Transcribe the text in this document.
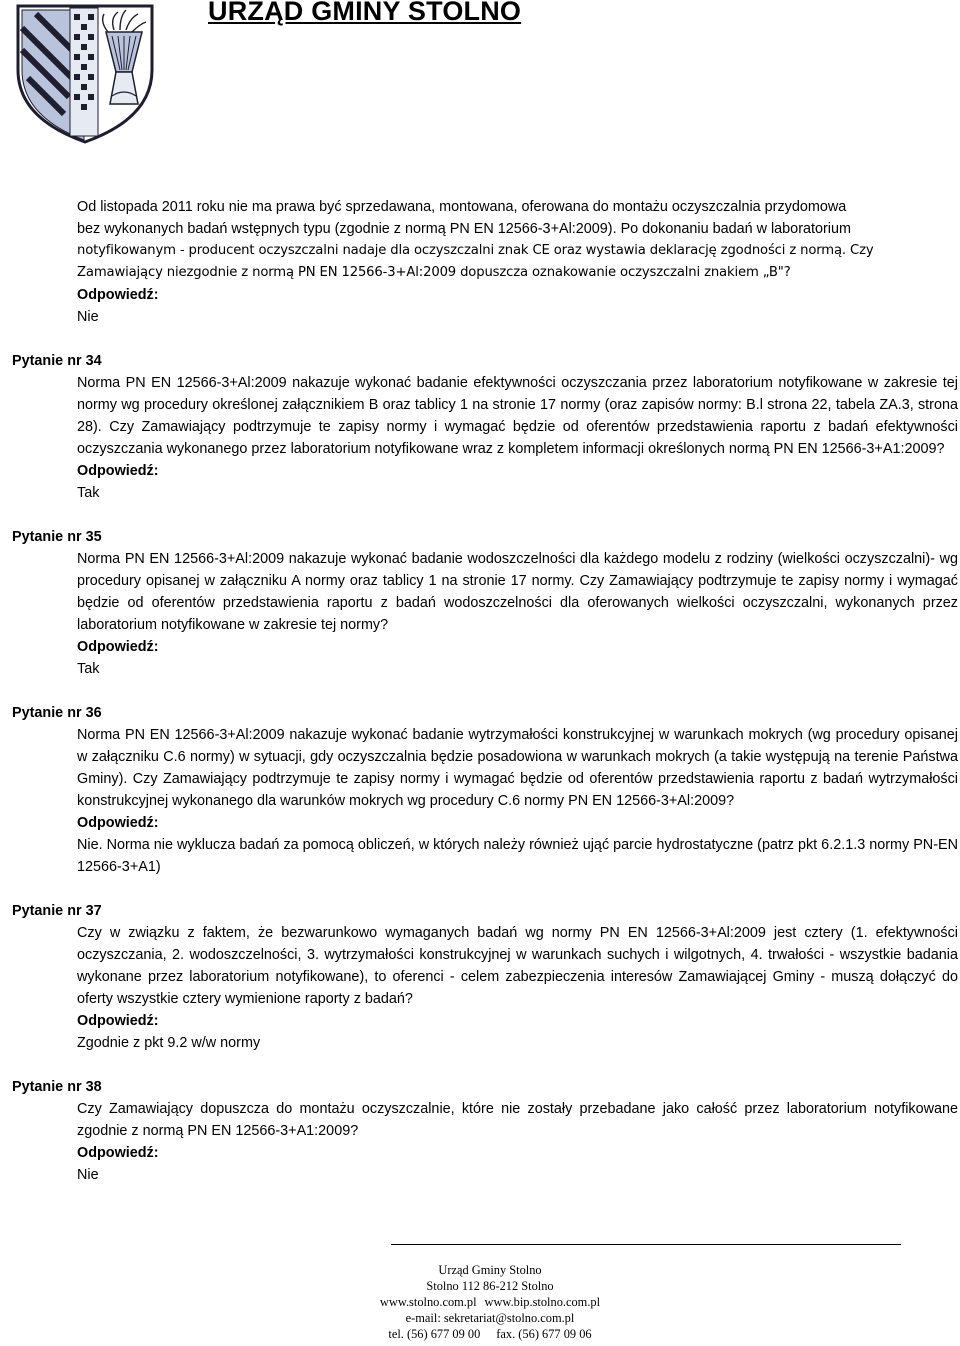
URZĄD GMINY STOLNO
Od listopada 2011 roku nie ma prawa być sprzedawana, montowana, oferowana do montażu oczyszczalnia przydomowa
bez wykonanych badań wstępnych typu (zgodnie z normą PN EN 12566-3+Al:2009). Po dokonaniu badań w laboratorium
notyfikowanym - producent oczyszczalni nadaje dla oczyszczalni znak CE oraz wystawia deklarację zgodności z normą. Czy
Zamawiający niezgodnie z normą PN EN 12566-3+Al:2009 dopuszcza oznakowanie oczyszczalni znakiem „B"?
Odpowiedź:
Nie
Pytanie nr 34
Norma PN EN 12566-3+Al:2009 nakazuje wykonać badanie efektywności oczyszczania przez laboratorium notyfikowane w zakresie tej normy wg procedury określonej załącznikiem B oraz tablicy 1 na stronie 17 normy (oraz zapisów normy: B.l strona 22, tabela ZA.3, strona 28). Czy Zamawiający podtrzymuje te zapisy normy i wymagać będzie od oferentów przedstawienia raportu z badań efektywności oczyszczania wykonanego przez laboratorium notyfikowane wraz z kompletem informacji określonych normą PN EN 12566-3+A1:2009?
Odpowiedź:
Tak
Pytanie nr 35
Norma PN EN 12566-3+Al:2009 nakazuje wykonać badanie wodoszczelności dla każdego modelu z rodziny (wielkości oczyszczalni)- wg procedury opisanej w załączniku A normy oraz tablicy 1 na stronie 17 normy. Czy Zamawiający podtrzymuje te zapisy normy i wymagać będzie od oferentów przedstawienia raportu z badań wodoszczelności dla oferowanych wielkości oczyszczalni, wykonanych przez laboratorium notyfikowane w zakresie tej normy?
Odpowiedź:
Tak
Pytanie nr 36
Norma PN EN 12566-3+Al:2009 nakazuje wykonać badanie wytrzymałości konstrukcyjnej w warunkach mokrych (wg procedury opisanej w załączniku C.6 normy) w sytuacji, gdy oczyszczalnia będzie posadowiona w warunkach mokrych (a takie występują na terenie Państwa Gminy). Czy Zamawiający podtrzymuje te zapisy normy i wymagać będzie od oferentów przedstawienia raportu z badań wytrzymałości konstrukcyjnej wykonanego dla warunków mokrych wg procedury C.6 normy PN EN 12566-3+Al:2009?
Odpowiedź:
Nie. Norma nie wyklucza badań za pomocą obliczeń, w których należy również ująć parcie hydrostatyczne (patrz pkt 6.2.1.3 normy PN-EN 12566-3+A1)
Pytanie nr 37
Czy w związku z faktem, że bezwarunkowo wymaganych badań wg normy PN EN 12566-3+Al:2009 jest cztery (1. efektywności oczyszczania, 2. wodoszczelności, 3. wytrzymałości konstrukcyjnej w warunkach suchych i wilgotnych, 4. trwałości - wszystkie badania wykonane przez laboratorium notyfikowane), to oferenci - celem zabezpieczenia interesów Zamawiającej Gminy - muszą dołączyć do oferty wszystkie cztery wymienione raporty z badań?
Odpowiedź:
Zgodnie z pkt 9.2 w/w normy
Pytanie nr 38
Czy Zamawiający dopuszcza do montażu oczyszczalnie, które nie zostały przebadane jako całość przez laboratorium notyfikowane zgodnie z normą PN EN 12566-3+A1:2009?
Odpowiedź:
Nie
Urząd Gminy Stolno
Stolno 112 86-212 Stolno
www.stolno.com.pl www.bip.stolno.com.pl
e-mail: sekretariat@stolno.com.pl
tel. (56) 677 09 00 fax. (56) 677 09 06
